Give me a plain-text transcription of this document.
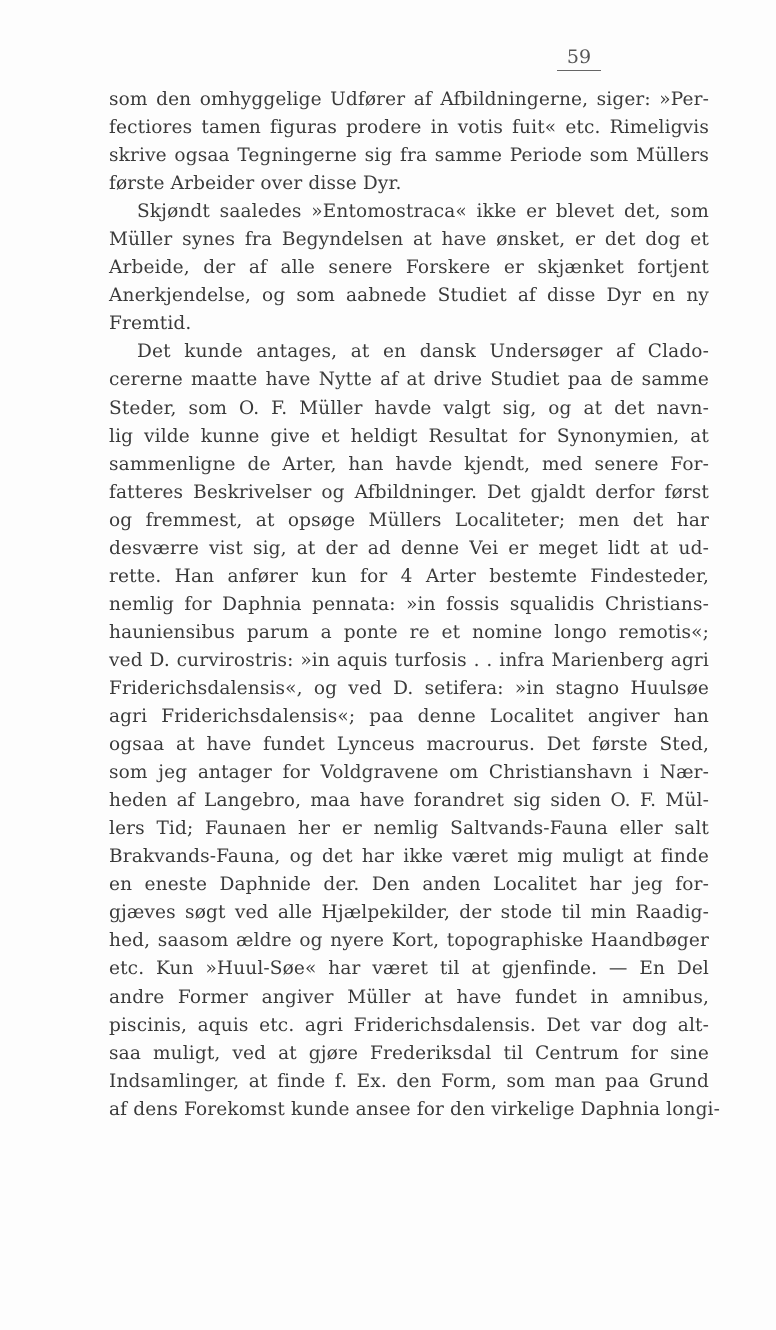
59
som den omhyggelige Udfører af Afbildningerne, siger: »Per-
fectiores tamen figuras prodere in votis fuit« etc. Rimeligvis
skrive ogsaa Tegningerne sig fra samme Periode som Müllers
første Arbeider over disse Dyr.
Skjøndt saaledes »Entomostraca« ikke er blevet det, som
Müller synes fra Begyndelsen at have ønsket, er det dog et
Arbeide, der af alle senere Forskere er skjænket fortjent
Anerkjendelse, og som aabnede Studiet af disse Dyr en ny
Fremtid.
Det kunde antages, at en dansk Undersøger af Clado-
cererne maatte have Nytte af at drive Studiet paa de samme
Steder, som O. F. Müller havde valgt sig, og at det navn-
lig vilde kunne give et heldigt Resultat for Synonymien, at
sammenligne de Arter, han havde kjendt, med senere For-
fatteres Beskrivelser og Afbildninger. Det gjaldt derfor først
og fremmest, at opsøge Müllers Localiteter; men det har
desværre vist sig, at der ad denne Vei er meget lidt at ud-
rette. Han anfører kun for 4 Arter bestemte Findesteder,
nemlig for Daphnia pennata: »in fossis squalidis Christians-
hauniensibus parum a ponte re et nomine longo remotis«;
ved D. curvirostris: »in aquis turfosis . . infra Marienberg agri
Friderichsdalensis«, og ved D. setifera: »in stagno Huulsøe
agri Friderichsdalensis«; paa denne Localitet angiver han
ogsaa at have fundet Lynceus macrourus. Det første Sted,
som jeg antager for Voldgravene om Christianshavn i Nær-
heden af Langebro, maa have forandret sig siden O. F. Mül-
lers Tid; Faunaen her er nemlig Saltvands-Fauna eller salt
Brakvands-Fauna, og det har ikke været mig muligt at finde
en eneste Daphnide der. Den anden Localitet har jeg for-
gjæves søgt ved alle Hjælpekilder, der stode til min Raadig-
hed, saasom ældre og nyere Kort, topographiske Haandbøger
etc. Kun »Huul-Søe« har været til at gjenfinde. — En Del
andre Former angiver Müller at have fundet in amnibus,
piscinis, aquis etc. agri Friderichsdalensis. Det var dog alt-
saa muligt, ved at gjøre Frederiksdal til Centrum for sine
Indsamlinger, at finde f. Ex. den Form, som man paa Grund
af dens Forekomst kunde ansee for den virkelige Daphnia longi-
